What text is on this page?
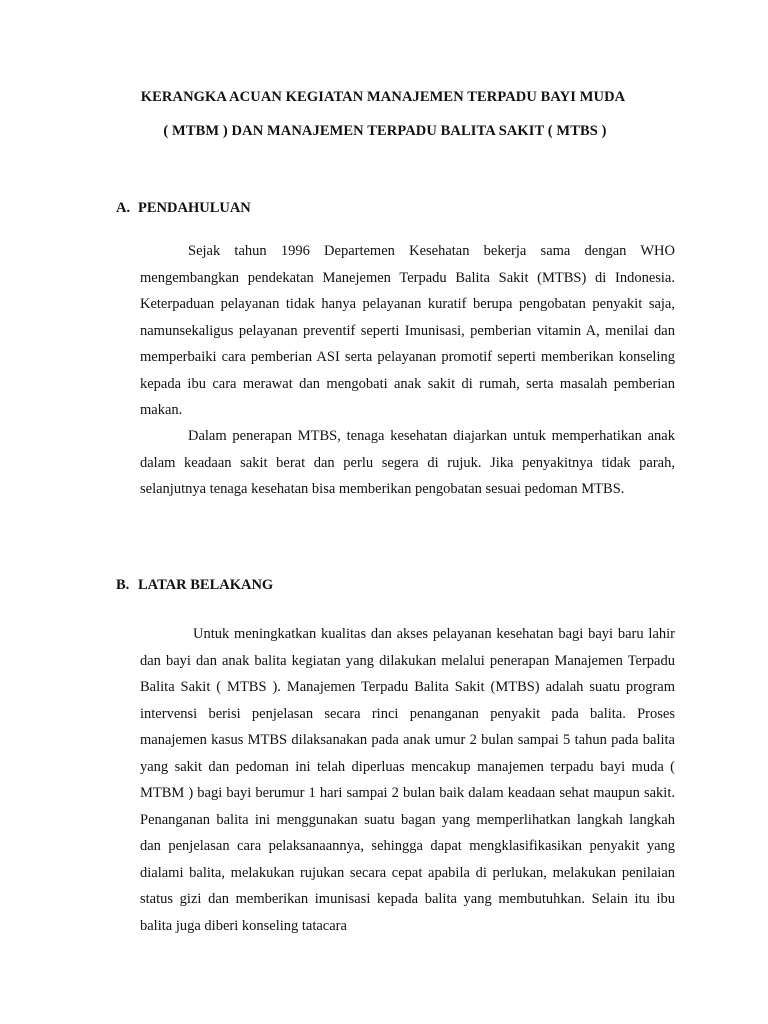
KERANGKA ACUAN KEGIATAN MANAJEMEN TERPADU BAYI MUDA
( MTBM ) DAN MANAJEMEN TERPADU BALITA SAKIT ( MTBS )
A. PENDAHULUAN

Sejak tahun 1996 Departemen Kesehatan bekerja sama dengan WHO mengembangkan pendekatan Manejemen Terpadu Balita Sakit (MTBS) di Indonesia. Keterpaduan pelayanan tidak hanya pelayanan kuratif berupa pengobatan penyakit saja, namunsekaligus pelayanan preventif seperti Imunisasi, pemberian vitamin A, menilai dan memperbaiki cara pemberian ASI serta pelayanan promotif seperti memberikan konseling kepada ibu cara merawat dan mengobati anak sakit di rumah, serta masalah pemberian makan.

Dalam penerapan MTBS, tenaga kesehatan diajarkan untuk memperhatikan anak dalam keadaan sakit berat dan perlu segera di rujuk. Jika penyakitnya tidak parah, selanjutnya tenaga kesehatan bisa memberikan pengobatan sesuai pedoman MTBS.

B. LATAR BELAKANG

Untuk meningkatkan kualitas dan akses pelayanan kesehatan bagi bayi baru lahir dan bayi dan anak balita kegiatan yang dilakukan melalui penerapan Manajemen Terpadu Balita Sakit ( MTBS ). Manajemen Terpadu Balita Sakit (MTBS) adalah suatu program intervensi berisi penjelasan secara rinci penanganan penyakit pada balita. Proses manajemen kasus MTBS dilaksanakan pada anak umur 2 bulan sampai 5 tahun pada balita yang sakit dan pedoman ini telah diperluas mencakup manajemen terpadu bayi muda ( MTBM ) bagi bayi berumur 1 hari sampai 2 bulan baik dalam keadaan sehat maupun sakit. Penanganan balita ini menggunakan suatu bagan yang memperlihatkan langkah langkah dan penjelasan cara pelaksanaannya, sehingga dapat mengklasifikasikan penyakit yang dialami balita, melakukan rujukan secara cepat apabila di perlukan, melakukan penilaian status gizi dan memberikan imunisasi kepada balita yang membutuhkan. Selain itu ibu balita juga diberi konseling tatacara
